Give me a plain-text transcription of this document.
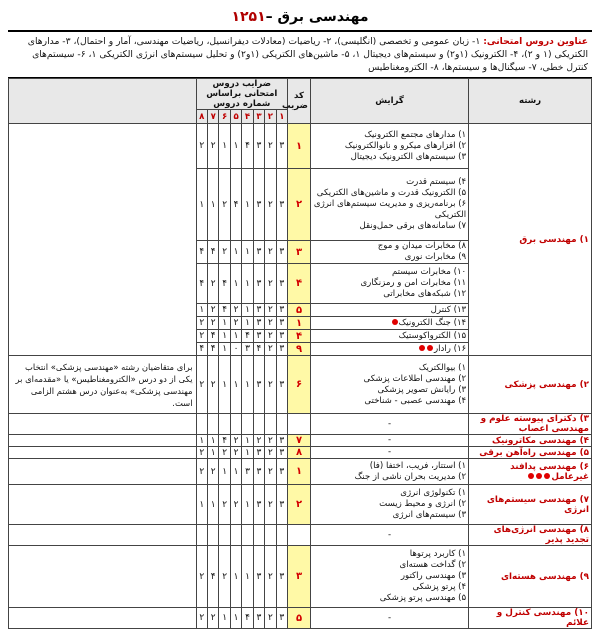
۱۲۵۱– مهندسی برق
عناوین دروس امتحانی: ۱- زبان عمومی و تخصصی (انگلیسی)، ۲- ریاضیات (معادلات دیفرانسیل، ریاضیات مهندسی، آمار و احتمال)، ۳- مدارهای الکتریکی (۱ و ۲)، ۴- الکترونیک (۱و۲) و سیستم‌های دیجیتال ۱، ۵- ماشین‌های الکتریکی (۱و۲) و تحلیل سیستم‌های انرژی الکتریکی ۱، ۶- سیستم‌های کنترل خطی، ۷- سیگنال‌ها و سیستم‌ها، ۸- الکترومغناطیس
رشته	گرایش	کد ضریب	ضرایب دروس امتحانی براساس شماره دروس								
			۱	۲	۳	۴	۵	۶	۷	۸	
۱) مهندسی برق	۱) مدارهای مجتمع الکترونیک
۲) افزارهای میکرو و نانوالکترونیک
۳) سیستم‌های الکترونیک دیجیتال	۱	۳	۲	۳	۴	۱	۱	۲	۲	
	۴) سیستم قدرت
۵) الکترونیک قدرت و ماشین‌های الکتریکی
۶) برنامه‌ریزی و مدیریت سیستم‌های انرژی الکتریکی
۷) سامانه‌های برقی حمل‌ونقل	۲	۳	۲	۳	۱	۴	۲	۱	۱	
	۸) مخابرات میدان و موج
۹) مخابرات نوری	۳	۳	۲	۳	۱	۱	۲	۴	۴	
	۱۰) مخابرات سیستم
۱۱) مخابرات امن و رمزنگاری
۱۲) شبکه‌های مخابراتی	۴	۳	۲	۳	۱	۱	۴	۲	۴	
	۱۳) کنترل	۵	۳	۲	۳	۱	۲	۴	۲	۱	
	۱۴) جنگ الکترونیک	۱	۳	۲	۳	۱	۲	۱	۲	۲	
	۱۵) الکترواکوستیک	۴	۳	۲	۳	۴	۱	۱	۴	۲	
	۱۶) رادار	۹	۳	۲	۴	۳	۰	۱	۴	۴	
۲) مهندسی پزشکی	۱) بیوالکتریک
۲) مهندسی اطلاعات پزشکی
۳) رایانش تصویر پزشکی
۴) مهندسی عصبی - شناختی	۶	۳	۲	۳	۱	۱	۱	۲	۲	برای متقاضیان رشته «مهندسی پزشکی» انتخاب یکی از دو درس «الکترومغناطیس» یا «مقدمه‌ای بر مهندسی پزشکی» به‌عنوان درس هشتم الزامی است.
۳) دکترای پیوسته علوم و مهندسی اعصاب	-										
۴) مهندسی مکاترونیک	-	۷	۳	۲	۲	۱	۲	۴	۱	۱	
۵) مهندسی راه‌آهن برقی	-	۸	۳	۲	۳	۱	۲	۲	۱	۲	
۶) مهندسی پدافند غیرعامل	۱) استتار، فریب، اختفا (فا)
۲) مدیریت بحران ناشی از جنگ	۱	۳	۲	۳	۳	۱	۱	۲	۲	
۷) مهندسی سیستم‌های انرژی	۱) تکنولوژی انرژی
۲) انرژی و محیط زیست
۳) سیستم‌های انرژی	۲	۳	۲	۳	۱	۲	۲	۱	۱	
۸) مهندسی انرژی‌های تجدید پذیر	-										
۹) مهندسی هسته‌ای	۱) کاربرد پرتوها
۲) گداخت هسته‌ای
۳) مهندسی راکتور
۴) پرتو پزشکی
۵) مهندسی پرتو پزشکی	۳	۳	۲	۳	۱	۱	۲	۴	۲	
۱۰) مهندسی کنترل و علائم	-	۵	۳	۲	۳	۴	۱	۱	۲	۲	
